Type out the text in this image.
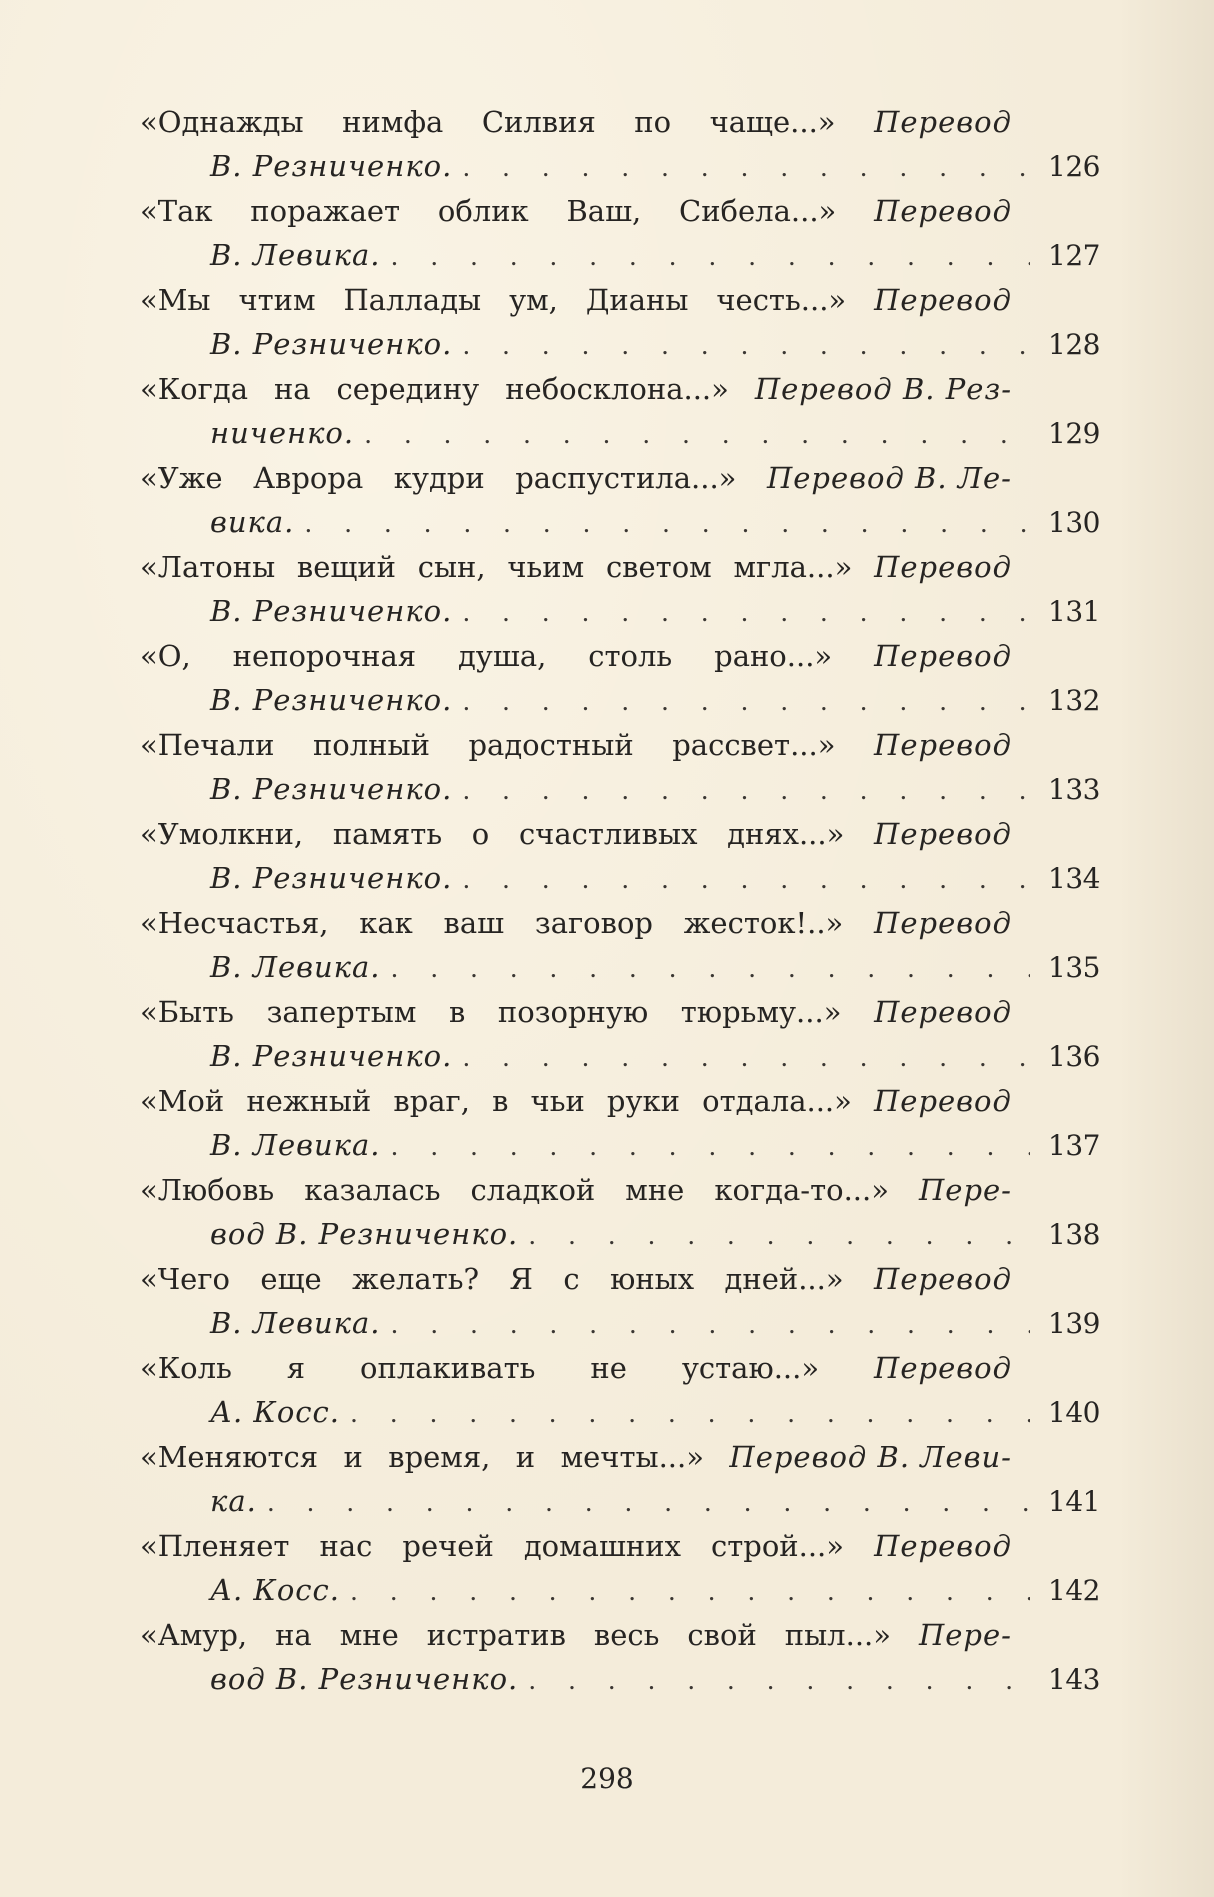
«Однажды нимфа Силвия по чаще...» Перевод
В. Резниченко. .	126
«Так поражает облик Ваш, Сибела...» Перевод
В. Левика. .	127
«Мы чтим Паллады ум, Дианы честь...» Перевод
В. Резниченко. .	128
«Когда на середину небосклона...» Перевод В. Рез-
ниченко. .	129
«Уже Аврора кудри распустила...» Перевод В. Ле-
вика. .	130
«Латоны вещий сын, чьим светом мгла...» Перевод
В. Резниченко. .	131
«О, непорочная душа, столь рано...» Перевод
В. Резниченко. .	132
«Печали полный радостный рассвет...» Перевод
В. Резниченко. .	133
«Умолкни, память о счастливых днях...» Перевод
В. Резниченко. .	134
«Несчастья, как ваш заговор жесток!..» Перевод
В. Левика. .	135
«Быть запертым в позорную тюрьму...» Перевод
В. Резниченко. .	136
«Мой нежный враг, в чьи руки отдала...» Перевод
В. Левика. .	137
«Любовь казалась сладкой мне когда-то...» Пере-
вод В. Резниченко. .	138
«Чего еще желать? Я с юных дней...» Перевод
В. Левика. .	139
«Коль я оплакивать не устаю...» Перевод
А. Косс. .	140
«Меняются и время, и мечты...» Перевод В. Леви-
ка. .	141
«Пленяет нас речей домашних строй...» Перевод
А. Косс. .	142
«Амур, на мне истратив весь свой пыл...» Пере-
вод В. Резниченко. .	143
298
